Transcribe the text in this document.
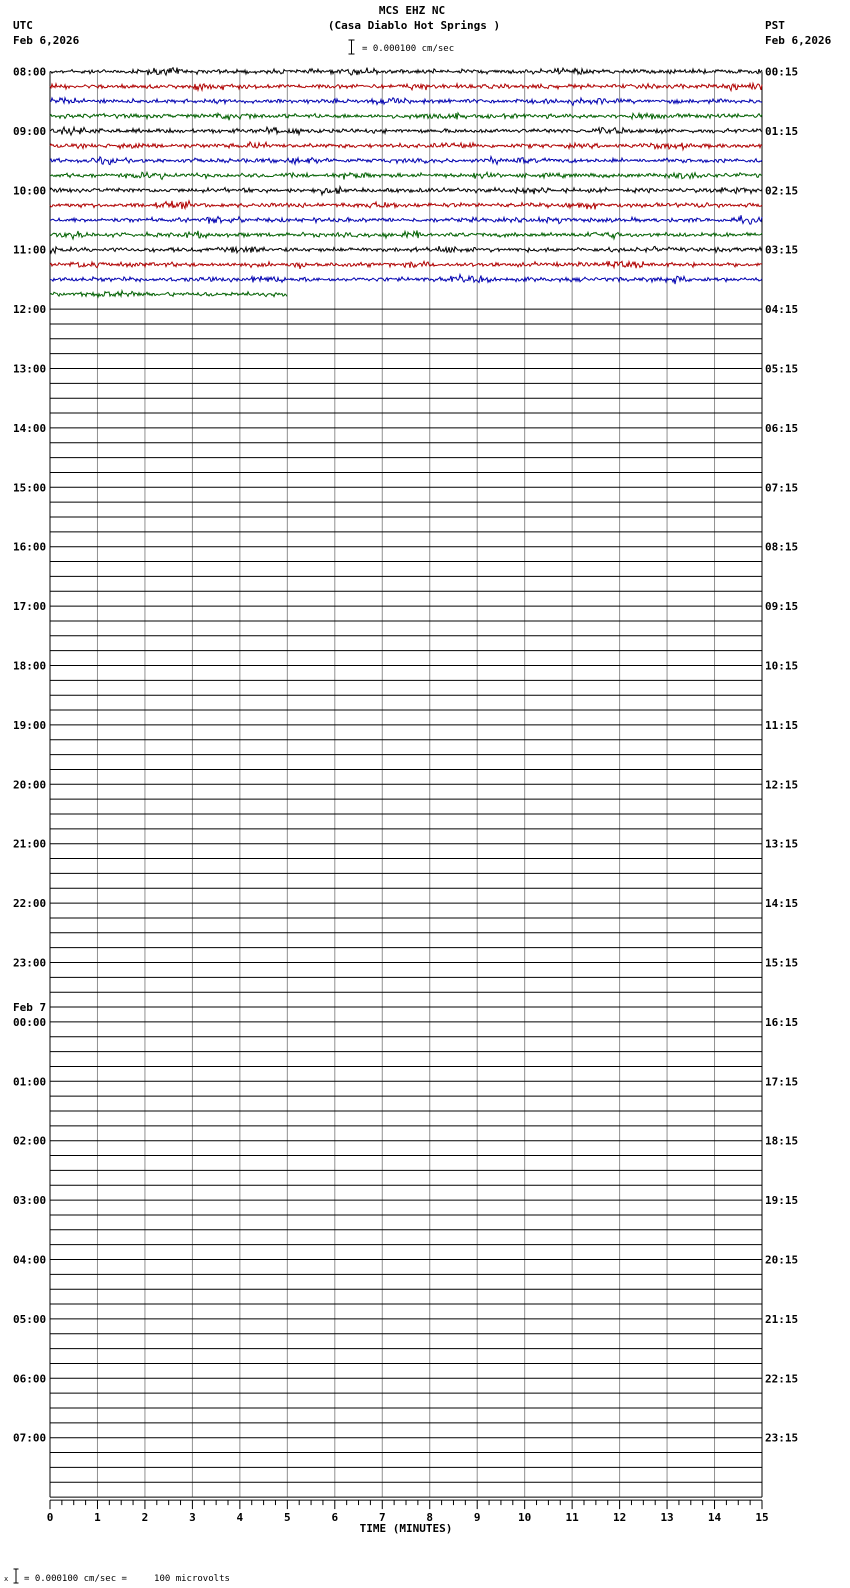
MCS EHZ NC
(Casa Diablo Hot Springs )
UTC
Feb 6,2026
PST
Feb 6,2026
= 0.000100 cm/sec
08:00	00:15
09:00	01:15
10:00	02:15
11:00	03:15
12:00	04:15
13:00	05:15
14:00	06:15
15:00	07:15
16:00	08:15
17:00	09:15
18:00	10:15
19:00	11:15
20:00	12:15
21:00	13:15
22:00	14:15
23:00	15:15
00:00	16:15
01:00	17:15
02:00	18:15
03:00	19:15
04:00	20:15
05:00	21:15
06:00	22:15
07:00	23:15
Feb 7
0	1	2	3	4	5	6	7	8	9	10	11	12	13	14	15
TIME (MINUTES)
x = 0.000100 cm/sec =     100 microvolts
